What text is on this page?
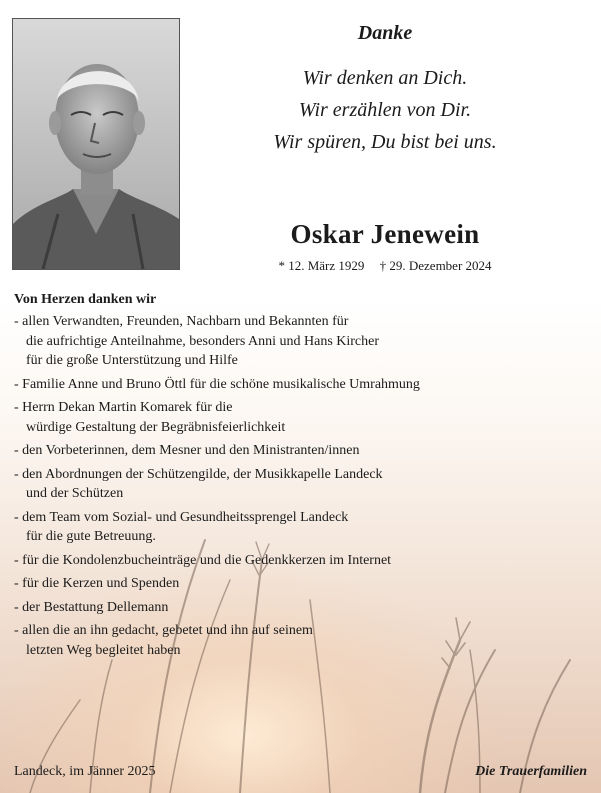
Danke
Wir denken an Dich.
Wir erzählen von Dir.
Wir spüren, Du bist bei uns.
Oskar Jenewein
* 12. März 1929 † 29. Dezember 2024
Von Herzen danken wir
- allen Verwandten, Freunden, Nachbarn und Bekannten für
die aufrichtige Anteilnahme, besonders Anni und Hans Kircher
für die große Unterstützung und Hilfe
- Familie Anne und Bruno Öttl für die schöne musikalische Umrahmung
- Herrn Dekan Martin Komarek für die
würdige Gestaltung der Begräbnisfeierlichkeit
- den Vorbeterinnen, dem Mesner und den Ministranten/innen
- den Abordnungen der Schützengilde, der Musikkapelle Landeck
und der Schützen
- dem Team vom Sozial- und Gesundheitssprengel Landeck
für die gute Betreuung.
- für die Kondolenzbucheinträge und die Gedenkkerzen im Internet
- für die Kerzen und Spenden
- der Bestattung Dellemann
- allen die an ihn gedacht, gebetet und ihn auf seinem
letzten Weg begleitet haben
Landeck, im Jänner 2025	Die Trauerfamilien
